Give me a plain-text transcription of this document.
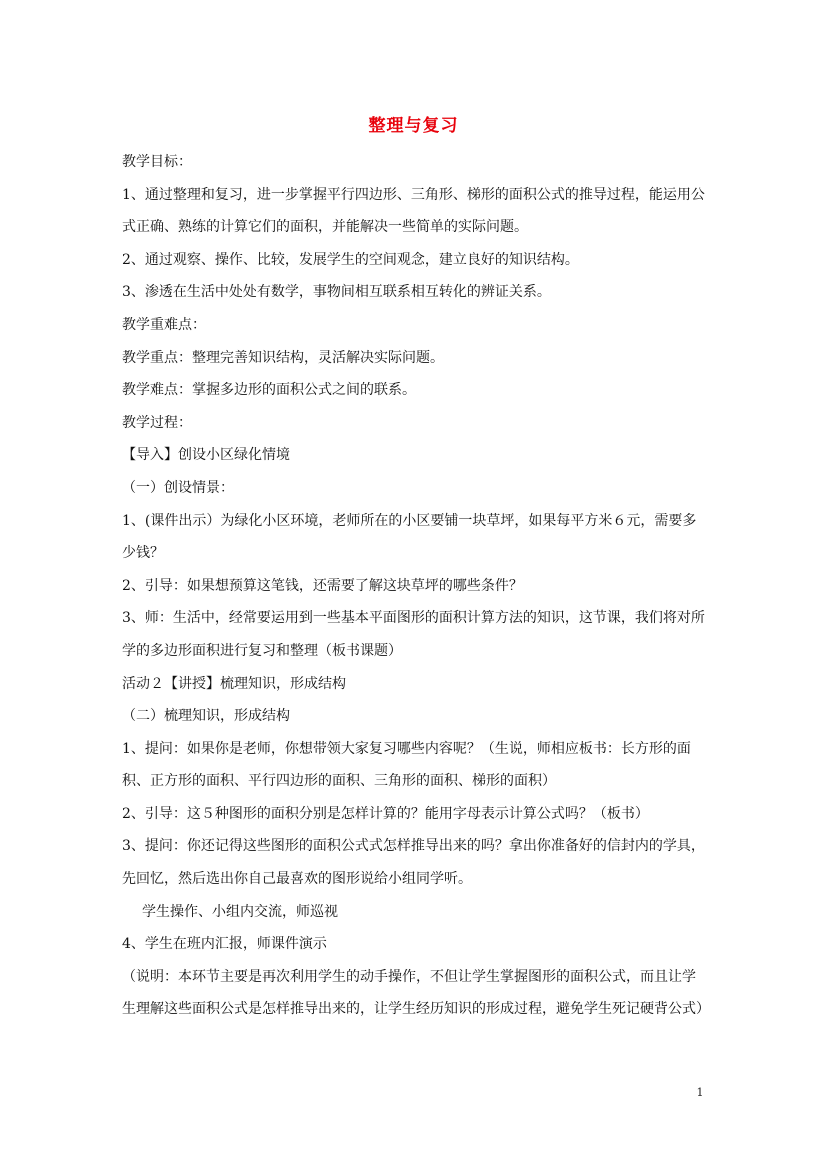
整理与复习

教学目标：

1、通过整理和复习，进一步掌握平行四边形、三角形、梯形的面积公式的推导过程，能运用公式正确、熟练的计算它们的面积，并能解决一些简单的实际问题。

2、通过观察、操作、比较，发展学生的空间观念，建立良好的知识结构。

3、渗透在生活中处处有数学，事物间相互联系相互转化的辨证关系。

教学重难点：

教学重点：整理完善知识结构，灵活解决实际问题。

教学难点：掌握多边形的面积公式之间的联系。

教学过程：

【导入】创设小区绿化情境

（一）创设情景：

1、(课件出示）为绿化小区环境，老师所在的小区要铺一块草坪，如果每平方米６元，需要多少钱？

2、引导：如果想预算这笔钱，还需要了解这块草坪的哪些条件？

3、师：生活中，经常要运用到一些基本平面图形的面积计算方法的知识，这节课，我们将对所学的多边形面积进行复习和整理（板书课题）

活动２【讲授】梳理知识，形成结构

（二）梳理知识，形成结构

1、提问：如果你是老师，你想带领大家复习哪些内容呢？（生说，师相应板书：长方形的面积、正方形的面积、平行四边形的面积、三角形的面积、梯形的面积）

2、引导：这５种图形的面积分别是怎样计算的？能用字母表示计算公式吗？（板书）

3、提问：你还记得这些图形的面积公式式怎样推导出来的吗？拿出你准备好的信封内的学具，先回忆，然后选出你自己最喜欢的图形说给小组同学听。

学生操作、小组内交流，师巡视

4、学生在班内汇报，师课件演示

（说明：本环节主要是再次利用学生的动手操作，不但让学生掌握图形的面积公式，而且让学生理解这些面积公式是怎样推导出来的，让学生经历知识的形成过程，避免学生死记硬背公式）

1
